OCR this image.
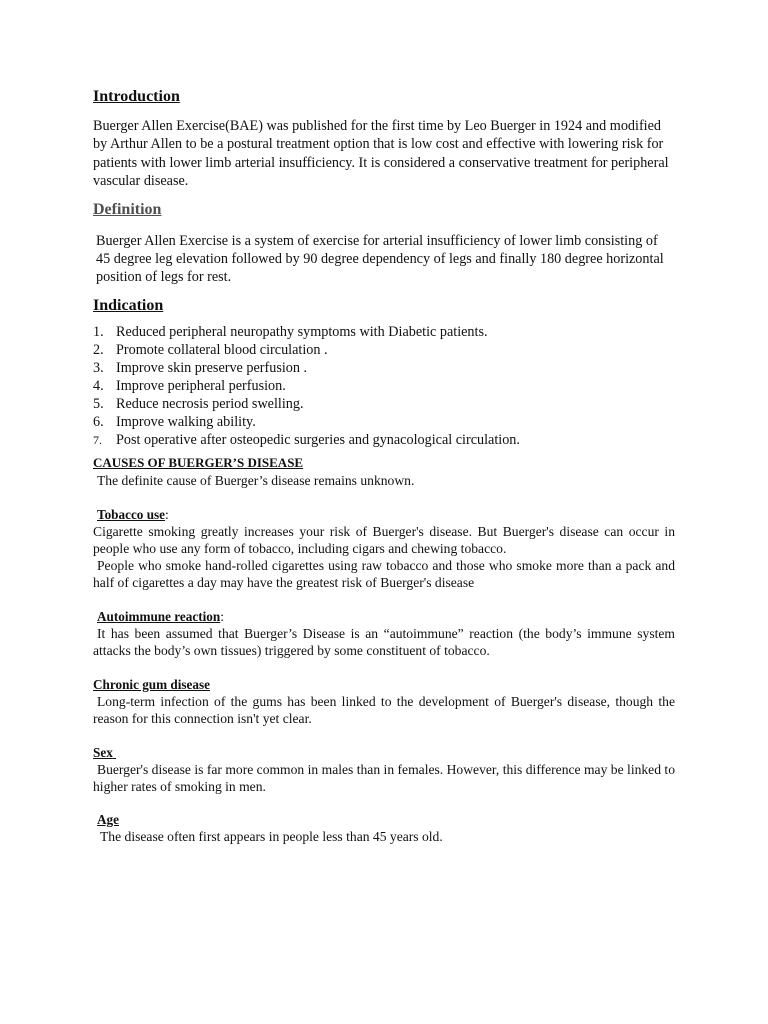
Introduction

Buerger Allen Exercise(BAE) was published for the first time by Leo Buerger in 1924 and modified by Arthur Allen to be a postural treatment option that is low cost and effective with lowering risk for patients with lower limb arterial insufficiency. It is considered a conservative treatment for peripheral vascular disease.

Definition

Buerger Allen Exercise is a system of exercise for arterial insufficiency of lower limb consisting of 45 degree leg elevation followed by 90 degree dependency of legs and finally 180 degree horizontal position of legs for rest.

Indication
1. Reduced peripheral neuropathy symptoms with Diabetic patients.
2. Promote collateral blood circulation .
3. Improve skin preserve perfusion .
4. Improve peripheral perfusion.
5. Reduce necrosis period swelling.
6. Improve walking ability.
7. Post operative after osteopedic surgeries and gynacological circulation.
CAUSES OF BUERGER’S DISEASE

The definite cause of Buerger’s disease remains unknown.

Tobacco use:

Cigarette smoking greatly increases your risk of Buerger's disease. But Buerger's disease can occur in people who use any form of tobacco, including cigars and chewing tobacco.

People who smoke hand-rolled cigarettes using raw tobacco and those who smoke more than a pack and half of cigarettes a day may have the greatest risk of Buerger's disease

Autoimmune reaction:

It has been assumed that Buerger’s Disease is an “autoimmune” reaction (the body’s immune system attacks the body’s own tissues) triggered by some constituent of tobacco.

Chronic gum disease

Long-term infection of the gums has been linked to the development of Buerger's disease, though the reason for this connection isn't yet clear.

Sex

Buerger's disease is far more common in males than in females. However, this difference may be linked to higher rates of smoking in men.

Age

The disease often first appears in people less than 45 years old.
